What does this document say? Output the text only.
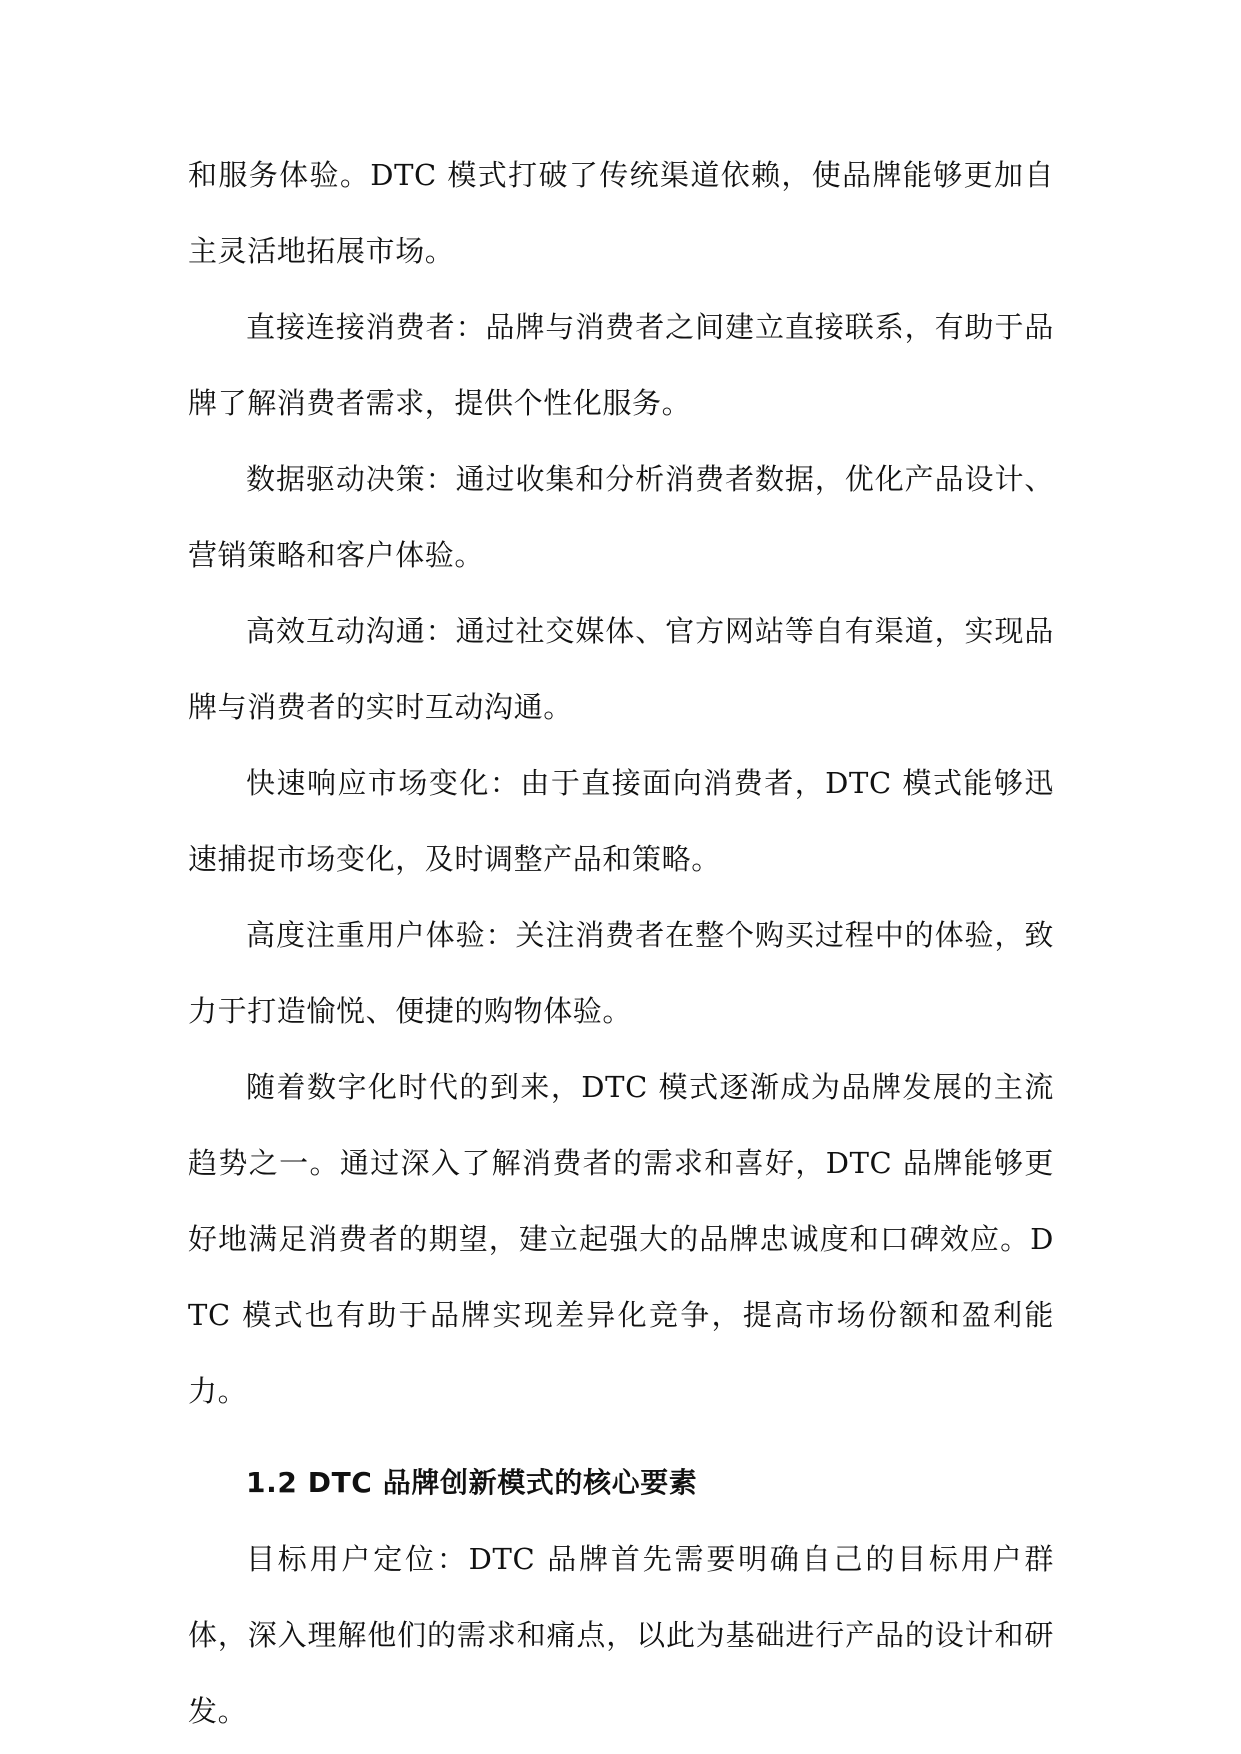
和服务体验。DTC 模式打破了传统渠道依赖，使品牌能够更加自主灵活地拓展市场。

直接连接消费者：品牌与消费者之间建立直接联系，有助于品牌了解消费者需求，提供个性化服务。

数据驱动决策：通过收集和分析消费者数据，优化产品设计、营销策略和客户体验。

高效互动沟通：通过社交媒体、官方网站等自有渠道，实现品牌与消费者的实时互动沟通。

快速响应市场变化：由于直接面向消费者，DTC 模式能够迅速捕捉市场变化，及时调整产品和策略。

高度注重用户体验：关注消费者在整个购买过程中的体验，致力于打造愉悦、便捷的购物体验。

随着数字化时代的到来，DTC 模式逐渐成为品牌发展的主流趋势之一。通过深入了解消费者的需求和喜好，DTC 品牌能够更好地满足消费者的期望，建立起强大的品牌忠诚度和口碑效应。DTC 模式也有助于品牌实现差异化竞争，提高市场份额和盈利能力。

1.2 DTC 品牌创新模式的核心要素

目标用户定位：DTC 品牌首先需要明确自己的目标用户群体，深入理解他们的需求和痛点，以此为基础进行产品的设计和研发。
